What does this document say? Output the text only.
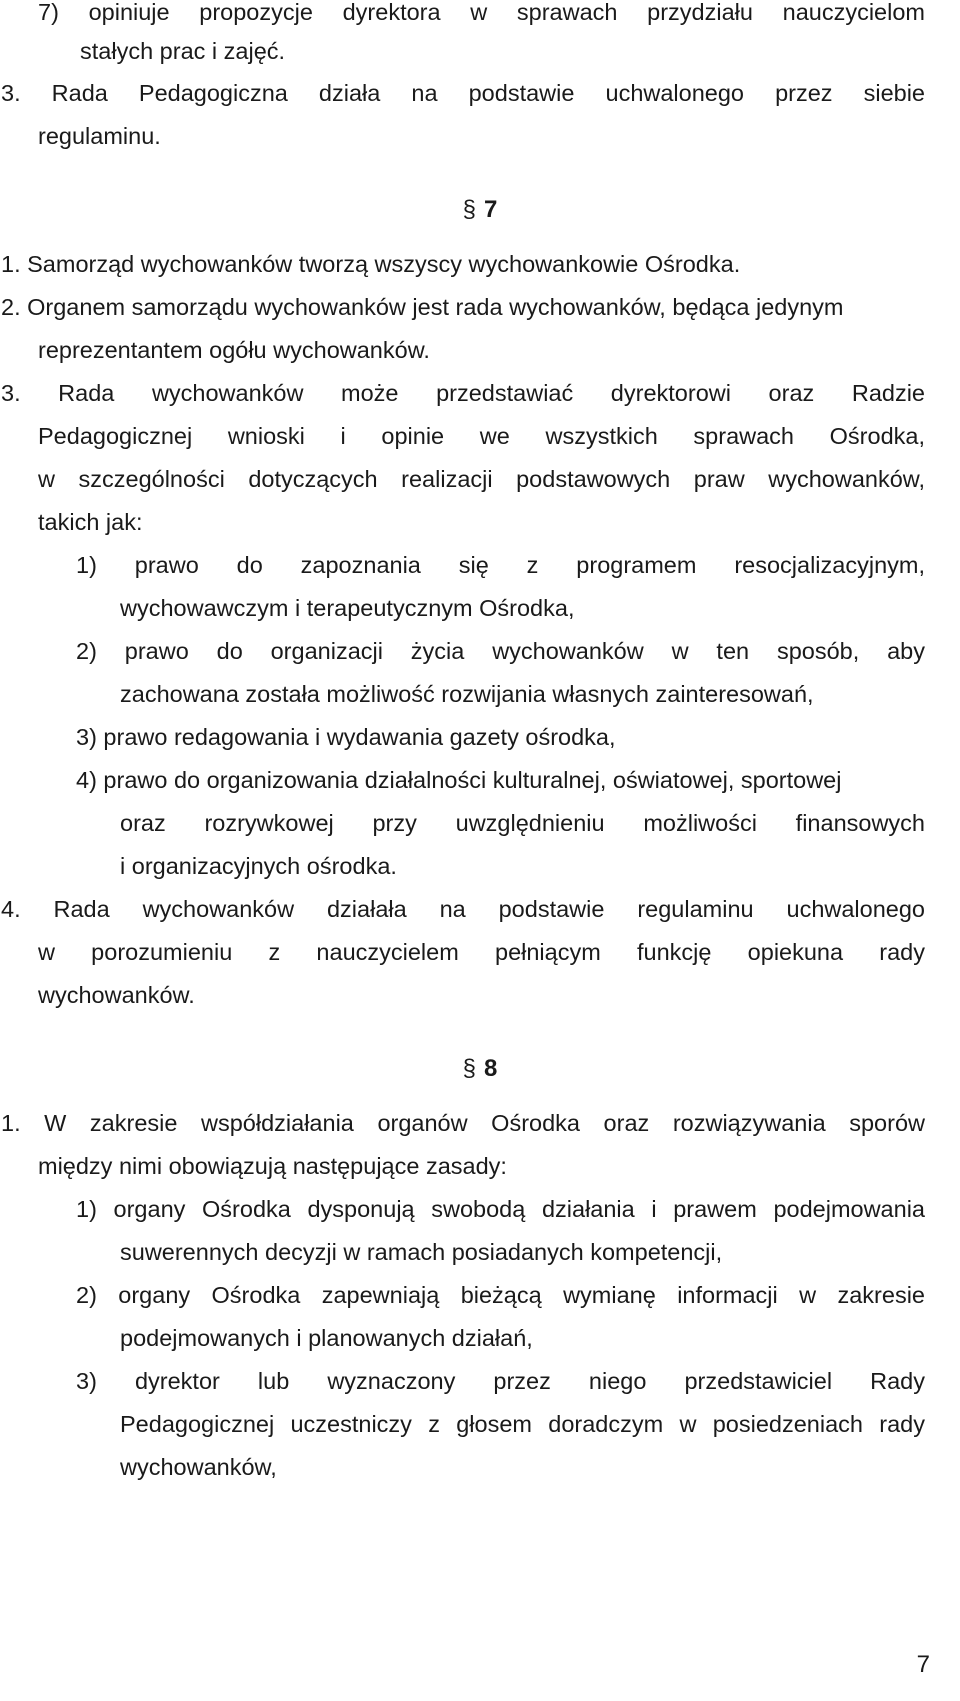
7) opiniuje propozycje dyrektora w sprawach przydziału nauczycielom
stałych prac i zajęć.
3. Rada Pedagogiczna działa na podstawie uchwalonego przez siebie
regulaminu.
§ 7
1. Samorząd wychowanków tworzą wszyscy wychowankowie Ośrodka.
2. Organem samorządu wychowanków jest rada wychowanków, będąca jedynym
reprezentantem ogółu wychowanków.
3. Rada wychowanków może przedstawiać dyrektorowi oraz Radzie
Pedagogicznej wnioski i opinie we wszystkich sprawach Ośrodka,
w szczególności dotyczących realizacji podstawowych praw wychowanków,
takich jak:
1) prawo do zapoznania się z programem resocjalizacyjnym,
wychowawczym i terapeutycznym Ośrodka,
2) prawo do organizacji życia wychowanków w ten sposób, aby
zachowana została możliwość rozwijania własnych zainteresowań,
3) prawo redagowania i wydawania gazety ośrodka,
4) prawo do organizowania działalności kulturalnej, oświatowej, sportowej
oraz rozrywkowej przy uwzględnieniu możliwości finansowych
i organizacyjnych ośrodka.
4. Rada wychowanków działała na podstawie regulaminu uchwalonego
w porozumieniu z nauczycielem pełniącym funkcję opiekuna rady
wychowanków.
§ 8
1. W zakresie współdziałania organów Ośrodka oraz rozwiązywania sporów
między nimi obowiązują następujące zasady:
1) organy Ośrodka dysponują swobodą działania i prawem podejmowania
suwerennych decyzji w ramach posiadanych kompetencji,
2) organy Ośrodka zapewniają bieżącą wymianę informacji w zakresie
podejmowanych i planowanych działań,
3) dyrektor lub wyznaczony przez niego przedstawiciel Rady
Pedagogicznej uczestniczy z głosem doradczym w posiedzeniach rady
wychowanków,
7
